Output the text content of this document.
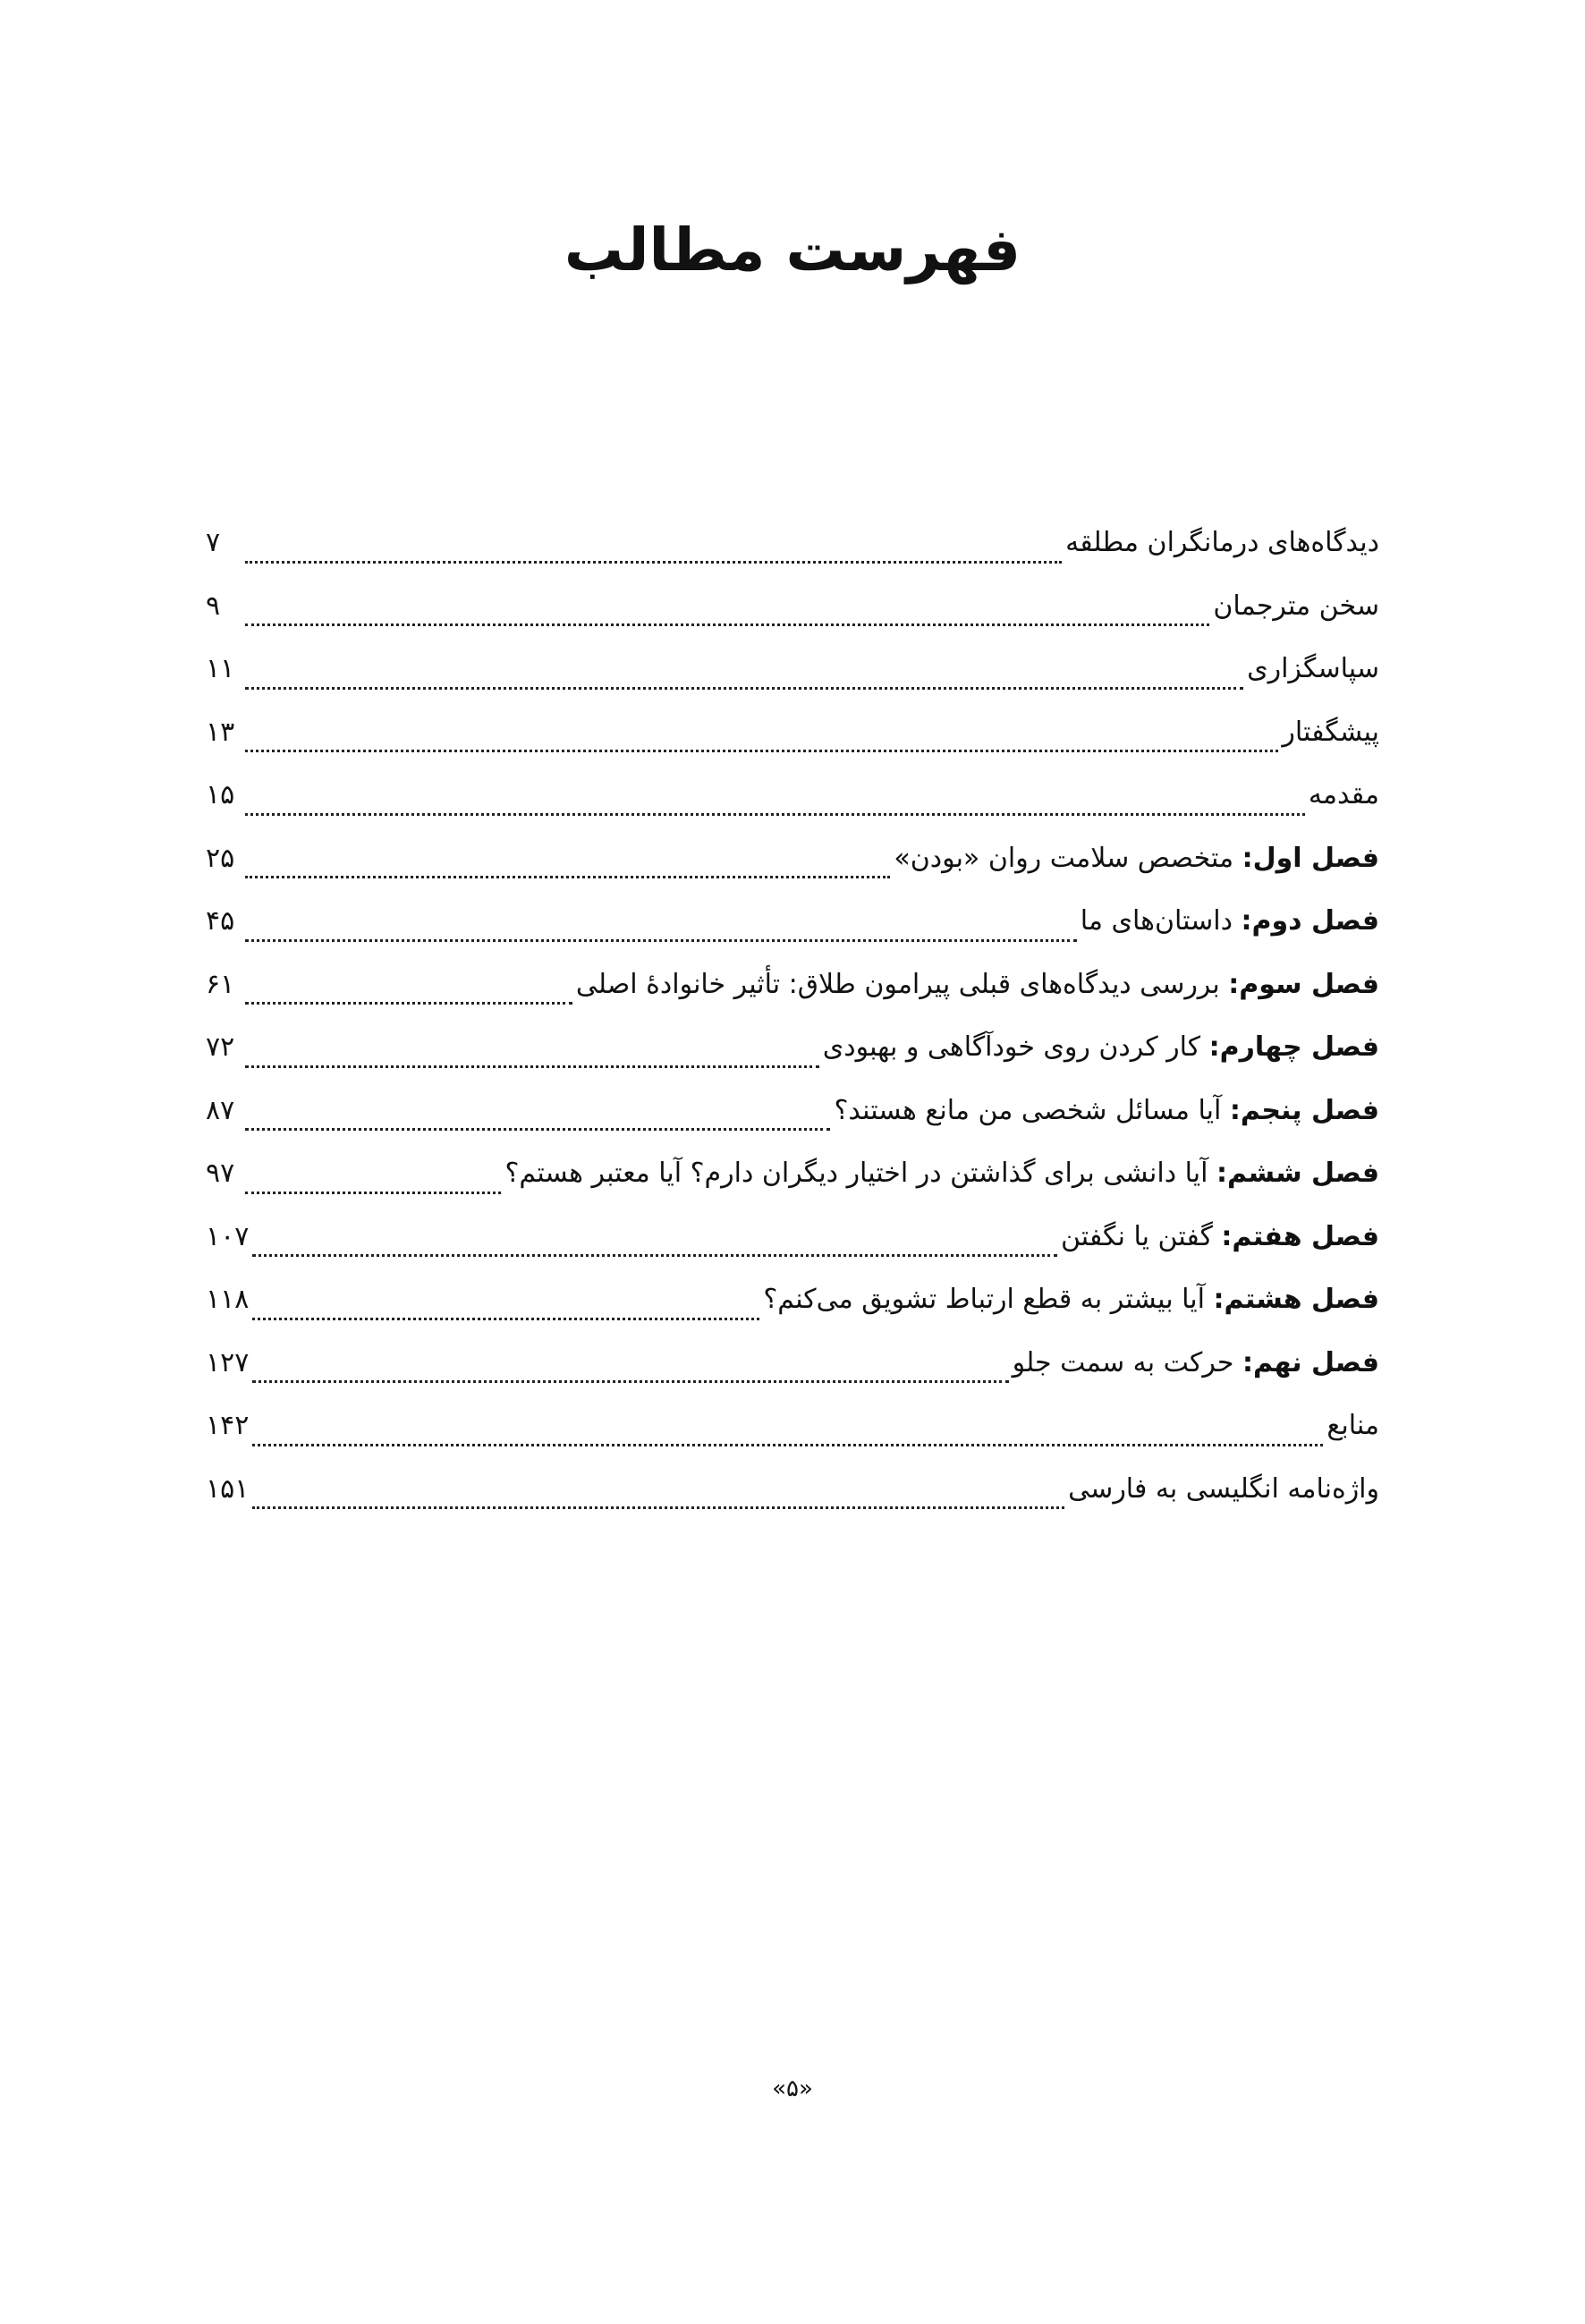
فهرست مطالب
دیدگاه‌های درمانگران مطلقه
۷
سخن مترجمان
۹
سپاسگزاری
۱۱
پیشگفتار
۱۳
مقدمه
۱۵
فصل اول: متخصص سلامت روان «بودن»
۲۵
فصل دوم: داستان‌های ما
۴۵
فصل سوم: بررسی دیدگاه‌های قبلی پیرامون طلاق: تأثیر خانوادهٔ اصلی
۶۱
فصل چهارم: کار کردن روی خودآگاهی و بهبودی
۷۲
فصل پنجم: آیا مسائل شخصی من مانع هستند؟
۸۷
فصل ششم: آیا دانشی برای گذاشتن در اختیار دیگران دارم؟ آیا معتبر هستم؟
۹۷
فصل هفتم: گفتن یا نگفتن
۱۰۷
فصل هشتم: آیا بیشتر به قطع ارتباط تشویق می‌کنم؟
۱۱۸
فصل نهم: حرکت به سمت جلو
۱۲۷
منابع
۱۴۲
واژه‌نامه انگلیسی به فارسی
۱۵۱
«۵»
